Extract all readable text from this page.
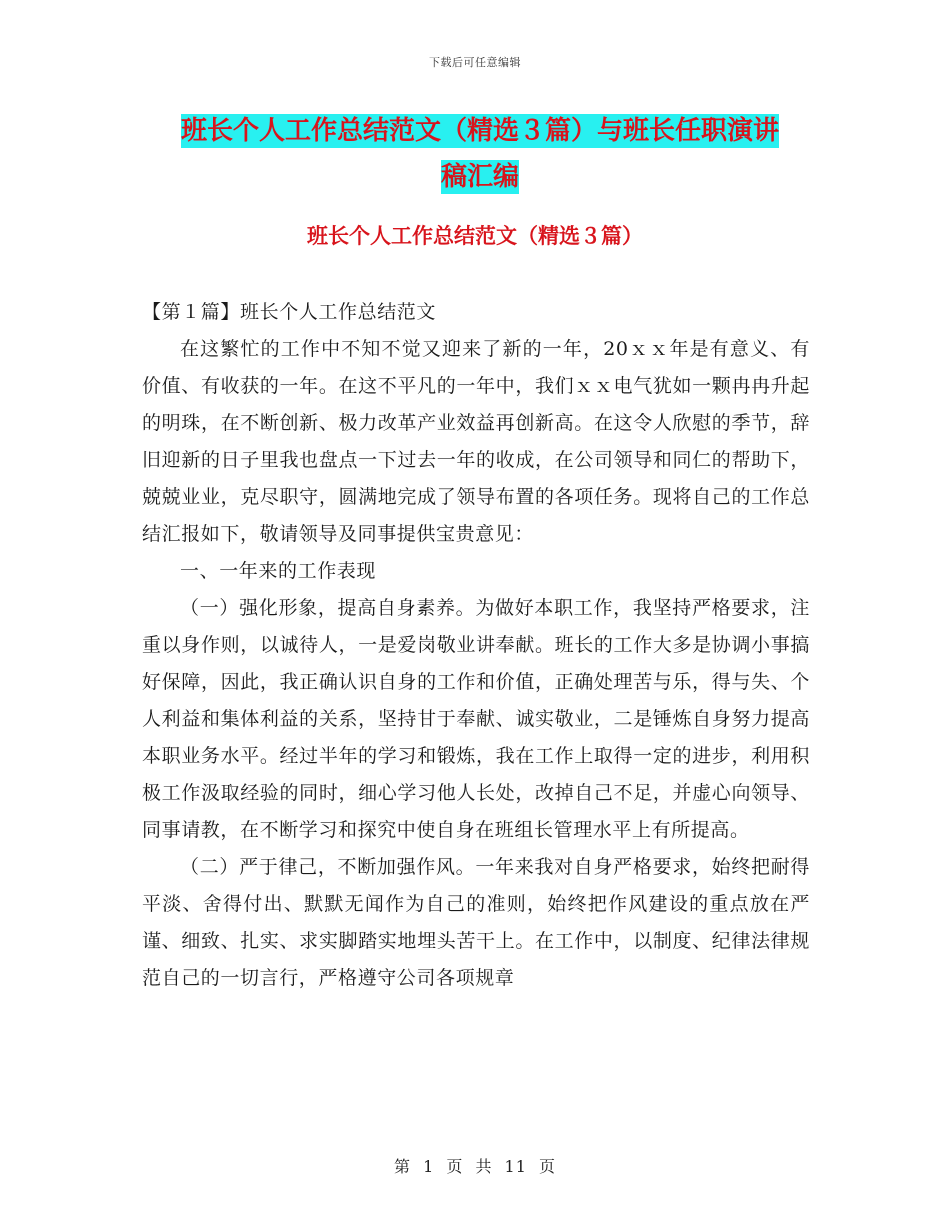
下载后可任意编辑
班长个人工作总结范文（精选３篇）与班长任职演讲
稿汇编
班长个人工作总结范文（精选３篇）

【第１篇】班长个人工作总结范文

在这繁忙的工作中不知不觉又迎来了新的一年，20ｘｘ年是有意义、有价值、有收获的一年。在这不平凡的一年中，我们ｘｘ电气犹如一颗冉冉升起的明珠，在不断创新、极力改革产业效益再创新高。在这令人欣慰的季节，辞旧迎新的日子里我也盘点一下过去一年的收成，在公司领导和同仁的帮助下，兢兢业业，克尽职守，圆满地完成了领导布置的各项任务。现将自己的工作总结汇报如下，敬请领导及同事提供宝贵意见：

一、一年来的工作表现

（一）强化形象，提高自身素养。为做好本职工作，我坚持严格要求，注重以身作则，以诚待人，一是爱岗敬业讲奉献。班长的工作大多是协调小事搞好保障，因此，我正确认识自身的工作和价值，正确处理苦与乐，得与失、个人利益和集体利益的关系，坚持甘于奉献、诚实敬业，二是锤炼自身努力提高本职业务水平。经过半年的学习和锻炼，我在工作上取得一定的进步，利用积极工作汲取经验的同时，细心学习他人长处，改掉自己不足，并虚心向领导、同事请教，在不断学习和探究中使自身在班组长管理水平上有所提高。

（二）严于律己，不断加强作风。一年来我对自身严格要求，始终把耐得平淡、舍得付出、默默无闻作为自己的准则，始终把作风建设的重点放在严谨、细致、扎实、求实脚踏实地埋头苦干上。在工作中，以制度、纪律法律规范自己的一切言行，严格遵守公司各项规章

第 1 页 共 11 页
